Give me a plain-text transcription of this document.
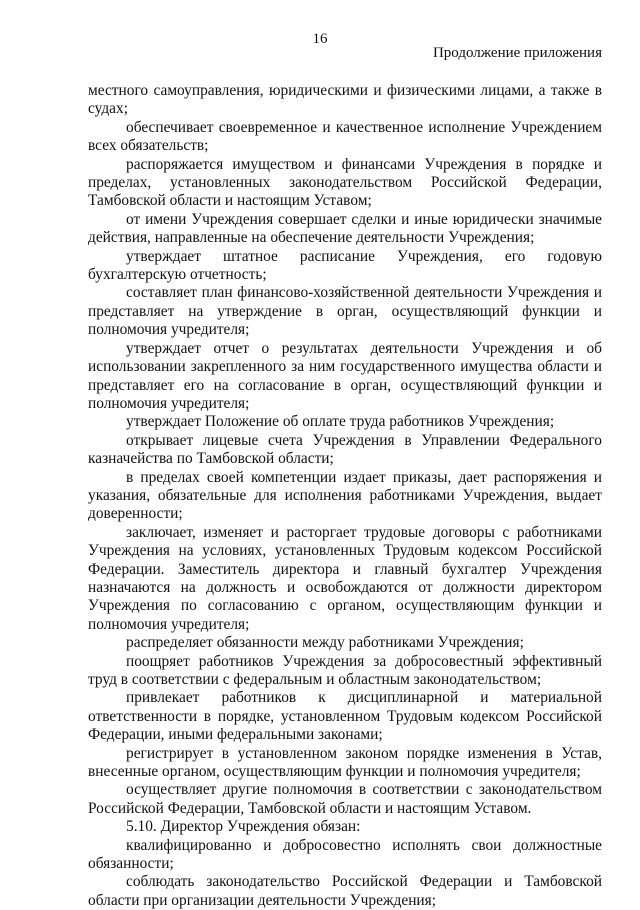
16
Продолжение приложения

местного самоуправления, юридическими и физическими лицами, а также в судах;

обеспечивает своевременное и качественное исполнение Учреждением всех обязательств;

распоряжается имуществом и финансами Учреждения в порядке и пределах, установленных законодательством Российской Федерации, Тамбовской области и настоящим Уставом;

от имени Учреждения совершает сделки и иные юридически значимые действия, направленные на обеспечение деятельности Учреждения;

утверждает штатное расписание Учреждения, его годовую бухгалтерскую отчетность;

составляет план финансово-хозяйственной деятельности Учреждения и представляет на утверждение в орган, осуществляющий функции и полномочия учредителя;

утверждает отчет о результатах деятельности Учреждения и об использовании закрепленного за ним государственного имущества области и представляет его на согласование в орган, осуществляющий функции и полномочия учредителя;

утверждает Положение об оплате труда работников Учреждения;

открывает лицевые счета Учреждения в Управлении Федерального казначейства по Тамбовской области;

в пределах своей компетенции издает приказы, дает распоряжения и указания, обязательные для исполнения работниками Учреждения, выдает доверенности;

заключает, изменяет и расторгает трудовые договоры с работниками Учреждения на условиях, установленных Трудовым кодексом Российской Федерации. Заместитель директора и главный бухгалтер Учреждения назначаются на должность и освобождаются от должности директором Учреждения по согласованию с органом, осуществляющим функции и полномочия учредителя;

распределяет обязанности между работниками Учреждения;

поощряет работников Учреждения за добросовестный эффективный труд в соответствии с федеральным и областным законодательством;

привлекает работников к дисциплинарной и материальной ответственности в порядке, установленном Трудовым кодексом Российской Федерации, иными федеральными законами;

регистрирует в установленном законом порядке изменения в Устав, внесенные органом, осуществляющим функции и полномочия учредителя;

осуществляет другие полномочия в соответствии с законодательством Российской Федерации, Тамбовской области и настоящим Уставом.

5.10. Директор Учреждения обязан:

квалифицированно и добросовестно исполнять свои должностные обязанности;

соблюдать законодательство Российской Федерации и Тамбовской области при организации деятельности Учреждения;
